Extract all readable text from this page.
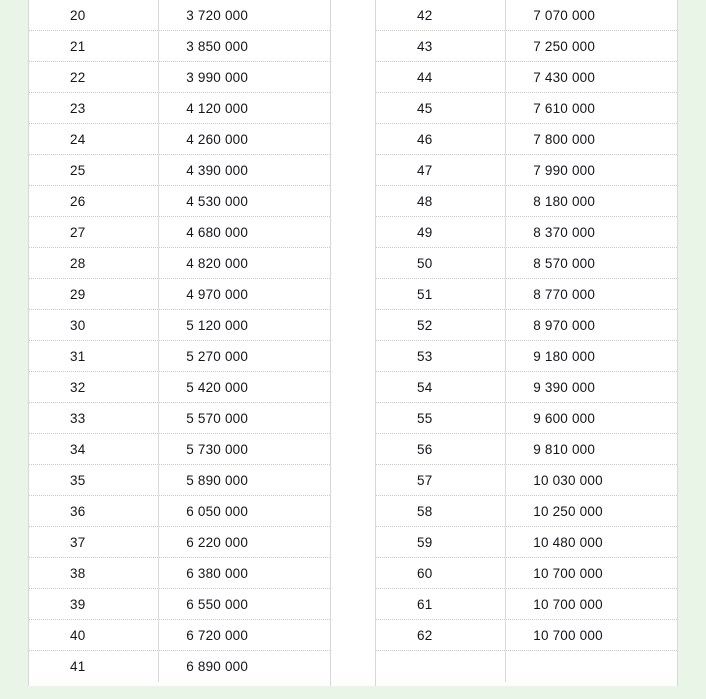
20	3 720 000
21	3 850 000
22	3 990 000
23	4 120 000
24	4 260 000
25	4 390 000
26	4 530 000
27	4 680 000
28	4 820 000
29	4 970 000
30	5 120 000
31	5 270 000
32	5 420 000
33	5 570 000
34	5 730 000
35	5 890 000
36	6 050 000
37	6 220 000
38	6 380 000
39	6 550 000
40	6 720 000
41	6 890 000
42	7 070 000
43	7 250 000
44	7 430 000
45	7 610 000
46	7 800 000
47	7 990 000
48	8 180 000
49	8 370 000
50	8 570 000
51	8 770 000
52	8 970 000
53	9 180 000
54	9 390 000
55	9 600 000
56	9 810 000
57	10 030 000
58	10 250 000
59	10 480 000
60	10 700 000
61	10 700 000
62	10 700 000
